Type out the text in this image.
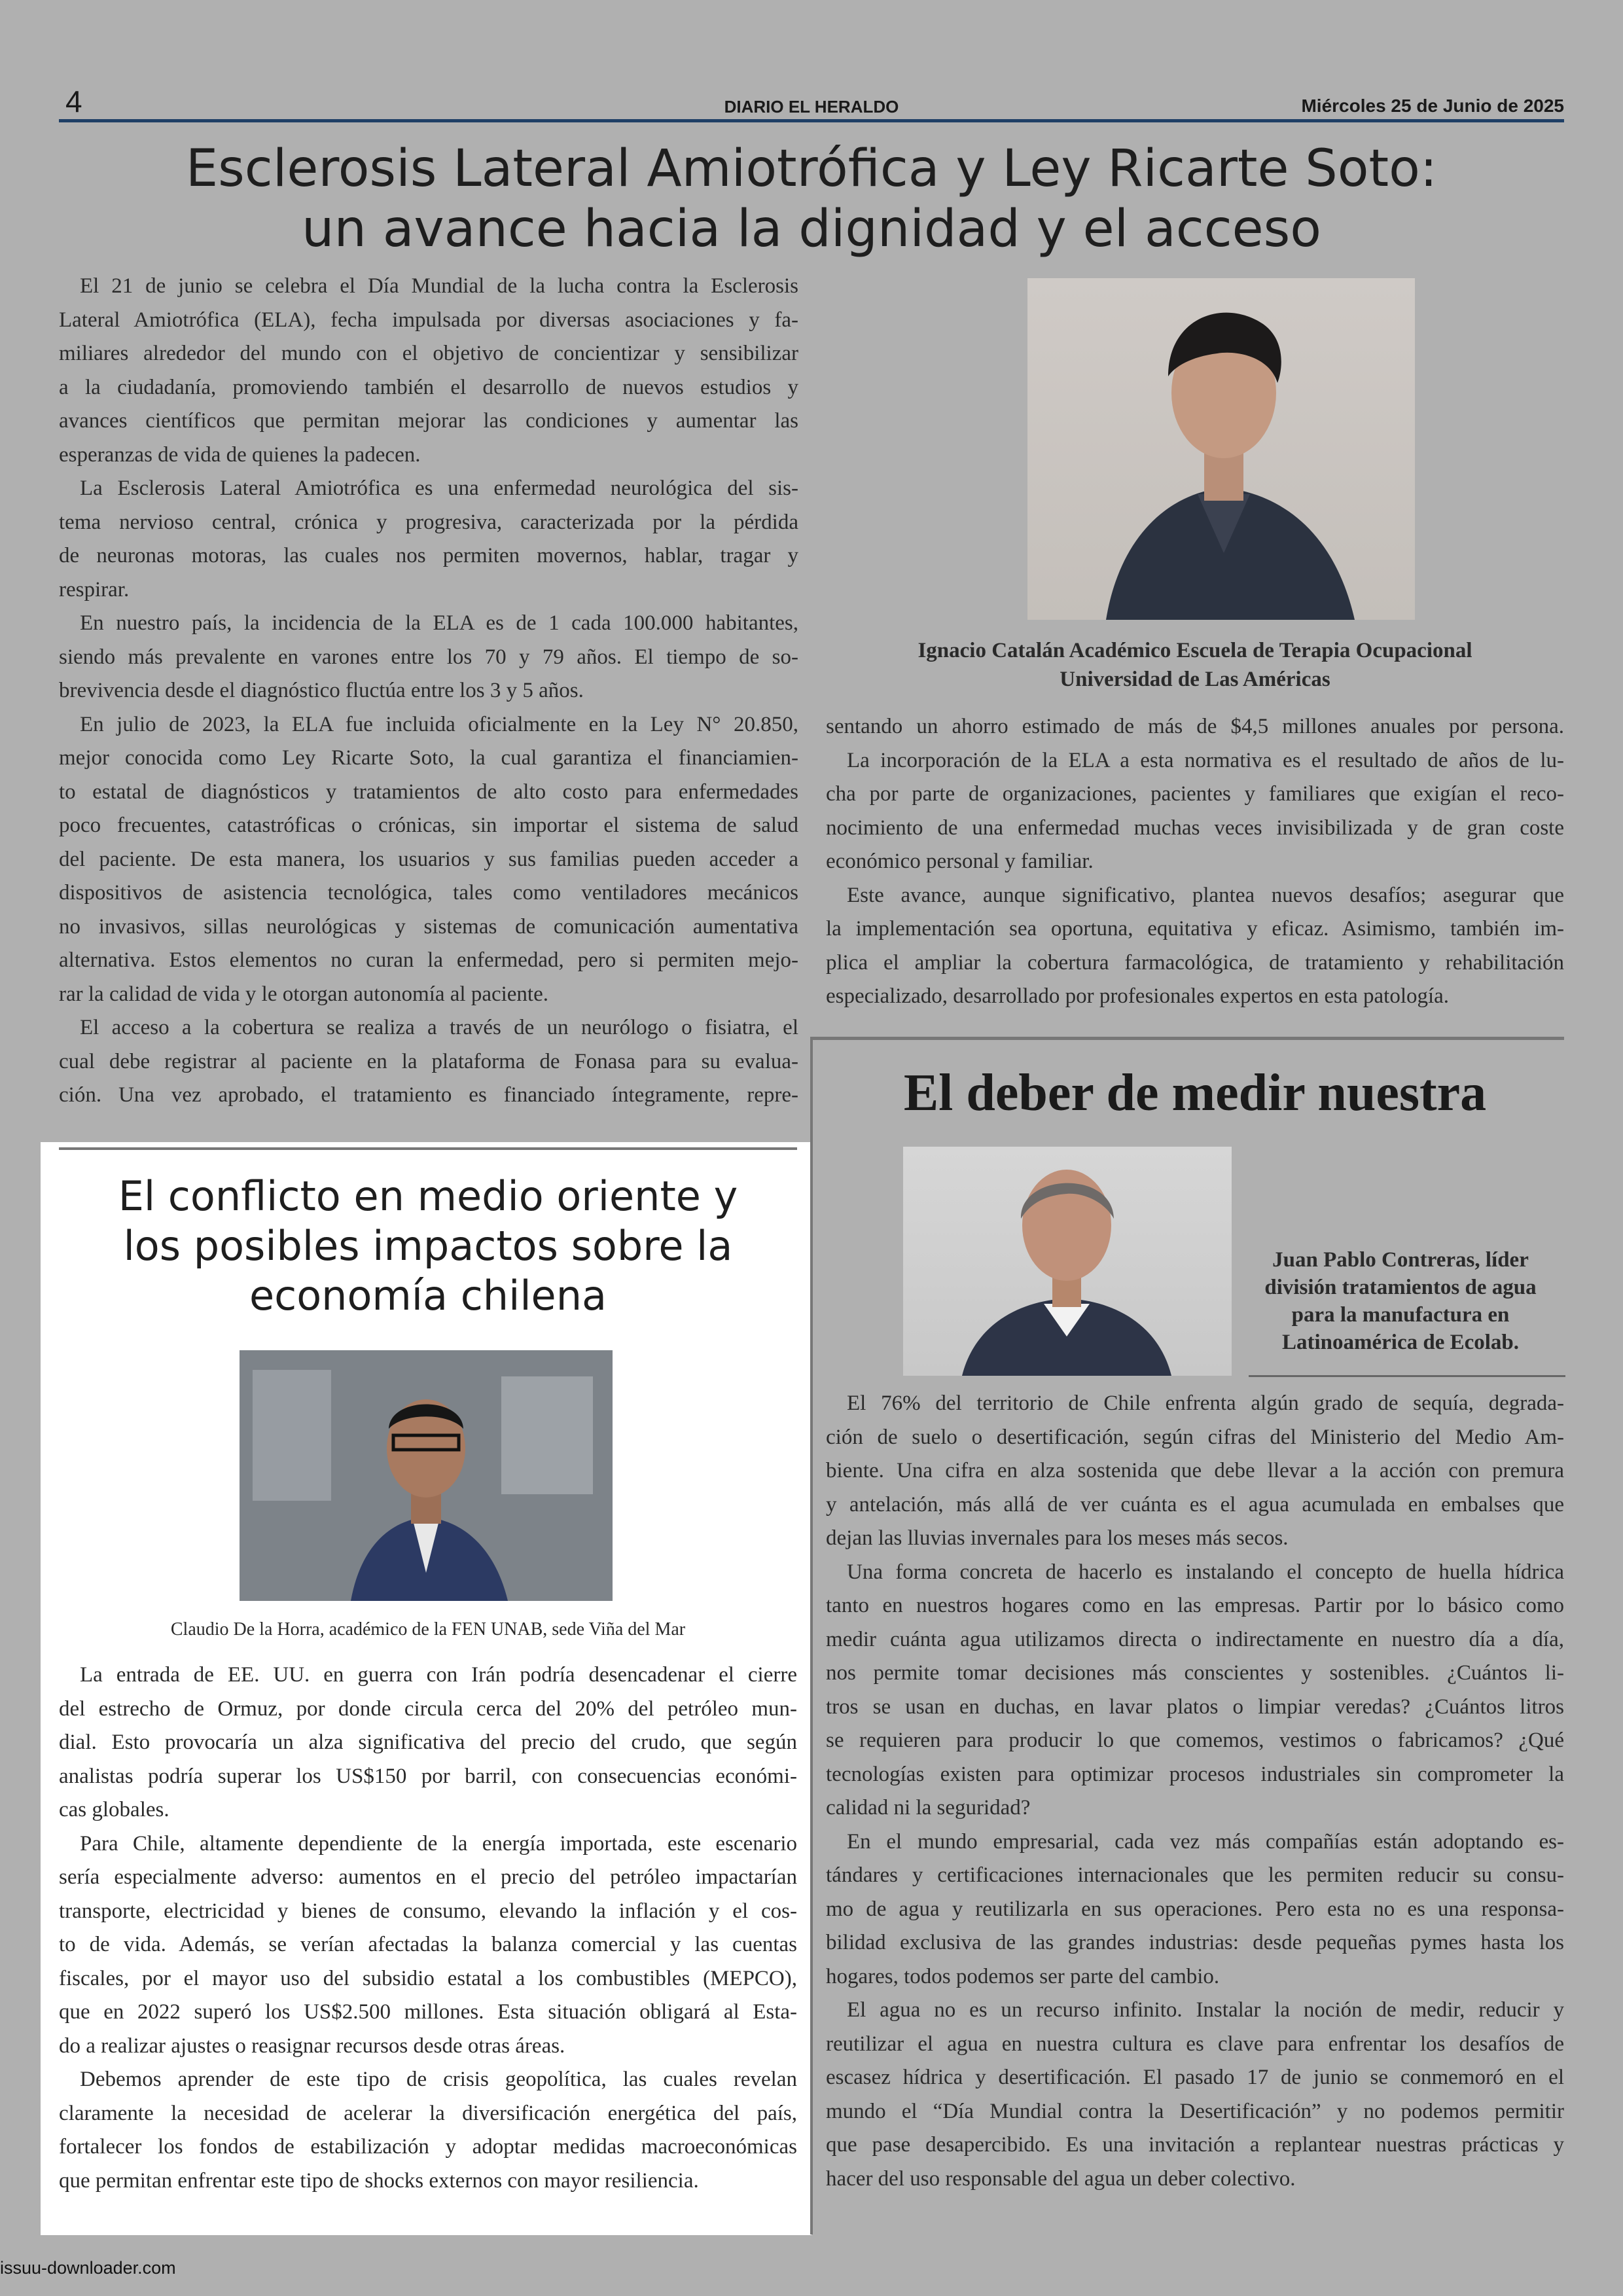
4	DIARIO EL HERALDO	Miércoles 25 de Junio de 2025
Esclerosis Lateral Amiotrófica y Ley Ricarte Soto:
un avance hacia la dignidad y el acceso
El 21 de junio se celebra el Día Mundial de la lucha contra la Esclerosis
Lateral Amiotrófica (ELA), fecha impulsada por diversas asociaciones y fa-
miliares alrededor del mundo con el objetivo de concientizar y sensibilizar
a la ciudadanía, promoviendo también el desarrollo de nuevos estudios y
avances científicos que permitan mejorar las condiciones y aumentar las
esperanzas de vida de quienes la padecen.
La Esclerosis Lateral Amiotrófica es una enfermedad neurológica del sis-
tema nervioso central, crónica y progresiva, caracterizada por la pérdida
de neuronas motoras, las cuales nos permiten movernos, hablar, tragar y
respirar.
En nuestro país, la incidencia de la ELA es de 1 cada 100.000 habitantes,
siendo más prevalente en varones entre los 70 y 79 años. El tiempo de so-
brevivencia desde el diagnóstico fluctúa entre los 3 y 5 años.
En julio de 2023, la ELA fue incluida oficialmente en la Ley N° 20.850,
mejor conocida como Ley Ricarte Soto, la cual garantiza el financiamien-
to estatal de diagnósticos y tratamientos de alto costo para enfermedades
poco frecuentes, catastróficas o crónicas, sin importar el sistema de salud
del paciente. De esta manera, los usuarios y sus familias pueden acceder a
dispositivos de asistencia tecnológica, tales como ventiladores mecánicos
no invasivos, sillas neurológicas y sistemas de comunicación aumentativa
alternativa. Estos elementos no curan la enfermedad, pero si permiten mejo-
rar la calidad de vida y le otorgan autonomía al paciente.
El acceso a la cobertura se realiza a través de un neurólogo o fisiatra, el
cual debe registrar al paciente en la plataforma de Fonasa para su evalua-
ción. Una vez aprobado, el tratamiento es financiado íntegramente, repre-
Ignacio Catalán Académico Escuela de Terapia Ocupacional
Universidad de Las Américas
sentando un ahorro estimado de más de $4,5 millones anuales por persona.
La incorporación de la ELA a esta normativa es el resultado de años de lu-
cha por parte de organizaciones, pacientes y familiares que exigían el reco-
nocimiento de una enfermedad muchas veces invisibilizada y de gran coste
económico personal y familiar.
Este avance, aunque significativo, plantea nuevos desafíos; asegurar que
la implementación sea oportuna, equitativa y eficaz. Asimismo, también im-
plica el ampliar la cobertura farmacológica, de tratamiento y rehabilitación
especializado, desarrollado por profesionales expertos en esta patología.
El conflicto en medio oriente y
los posibles impactos sobre la
economía chilena
Claudio De la Horra, académico de la FEN UNAB, sede Viña del Mar
La entrada de EE. UU. en guerra con Irán podría desencadenar el cierre
del estrecho de Ormuz, por donde circula cerca del 20% del petróleo mun-
dial. Esto provocaría un alza significativa del precio del crudo, que según
analistas podría superar los US$150 por barril, con consecuencias económi-
cas globales.
Para Chile, altamente dependiente de la energía importada, este escenario
sería especialmente adverso: aumentos en el precio del petróleo impactarían
transporte, electricidad y bienes de consumo, elevando la inflación y el cos-
to de vida. Además, se verían afectadas la balanza comercial y las cuentas
fiscales, por el mayor uso del subsidio estatal a los combustibles (MEPCO),
que en 2022 superó los US$2.500 millones. Esta situación obligará al Esta-
do a realizar ajustes o reasignar recursos desde otras áreas.
Debemos aprender de este tipo de crisis geopolítica, las cuales revelan
claramente la necesidad de acelerar la diversificación energética del país,
fortalecer los fondos de estabilización y adoptar medidas macroeconómicas
que permitan enfrentar este tipo de shocks externos con mayor resiliencia.
El deber de medir nuestra
Juan Pablo Contreras, líder
división tratamientos de agua
para la manufactura en
Latinoamérica de Ecolab.
El 76% del territorio de Chile enfrenta algún grado de sequía, degrada-
ción de suelo o desertificación, según cifras del Ministerio del Medio Am-
biente. Una cifra en alza sostenida que debe llevar a la acción con premura
y antelación, más allá de ver cuánta es el agua acumulada en embalses que
dejan las lluvias invernales para los meses más secos.
Una forma concreta de hacerlo es instalando el concepto de huella hídrica
tanto en nuestros hogares como en las empresas. Partir por lo básico como
medir cuánta agua utilizamos directa o indirectamente en nuestro día a día,
nos permite tomar decisiones más conscientes y sostenibles. ¿Cuántos li-
tros se usan en duchas, en lavar platos o limpiar veredas? ¿Cuántos litros
se requieren para producir lo que comemos, vestimos o fabricamos? ¿Qué
tecnologías existen para optimizar procesos industriales sin comprometer la
calidad ni la seguridad?
En el mundo empresarial, cada vez más compañías están adoptando es-
tándares y certificaciones internacionales que les permiten reducir su consu-
mo de agua y reutilizarla en sus operaciones. Pero esta no es una responsa-
bilidad exclusiva de las grandes industrias: desde pequeñas pymes hasta los
hogares, todos podemos ser parte del cambio.
El agua no es un recurso infinito. Instalar la noción de medir, reducir y
reutilizar el agua en nuestra cultura es clave para enfrentar los desafíos de
escasez hídrica y desertificación. El pasado 17 de junio se conmemoró en el
mundo el “Día Mundial contra la Desertificación” y no podemos permitir
que pase desapercibido. Es una invitación a replantear nuestras prácticas y
hacer del uso responsable del agua un deber colectivo.
issuu-downloader.com
